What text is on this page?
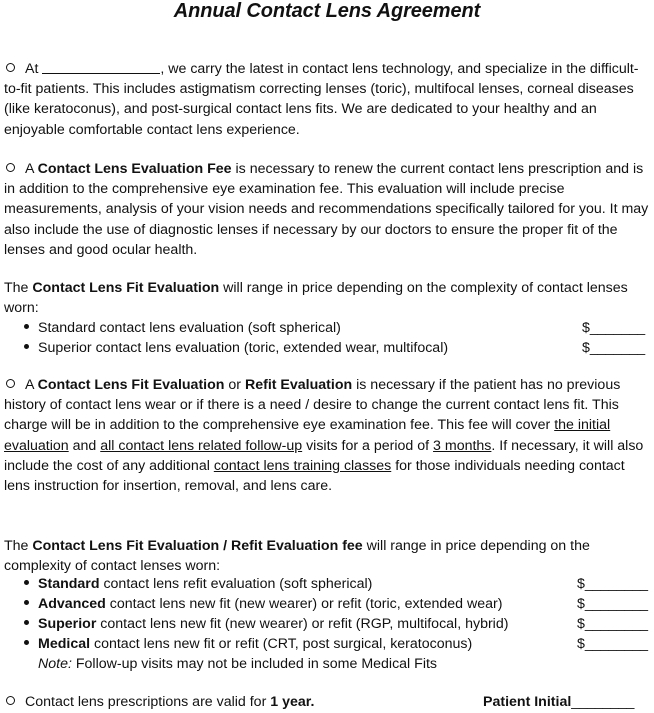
Annual Contact Lens Agreement
At	, we carry the latest in contact lens technology, and specialize in the difficult-to-fit patients. This includes astigmatism correcting lenses (toric), multifocal lenses, corneal diseases (like keratoconus), and post-surgical contact lens fits. We are dedicated to your healthy and an enjoyable comfortable contact lens experience.
A Contact Lens Evaluation Fee is necessary to renew the current contact lens prescription and is in addition to the comprehensive eye examination fee. This evaluation will include precise measurements, analysis of your vision needs and recommendations specifically tailored for you. It may also include the use of diagnostic lenses if necessary by our doctors to ensure the proper fit of the lenses and good ocular health.
The Contact Lens Fit Evaluation will range in price depending on the complexity of contact lenses worn:
Standard contact lens evaluation (soft spherical)	$_______
Superior contact lens evaluation (toric, extended wear, multifocal)	$_______
A Contact Lens Fit Evaluation or Refit Evaluation is necessary if the patient has no previous history of contact lens wear or if there is a need / desire to change the current contact lens fit. This charge will be in addition to the comprehensive eye examination fee. This fee will cover the initial evaluation and all contact lens related follow-up visits for a period of 3 months. If necessary, it will also include the cost of any additional contact lens training classes for those individuals needing contact lens instruction for insertion, removal, and lens care.
The Contact Lens Fit Evaluation / Refit Evaluation fee will range in price depending on the complexity of contact lenses worn:
Standard contact lens refit evaluation (soft spherical)	$________
Advanced contact lens new fit (new wearer) or refit (toric, extended wear)	$________
Superior contact lens new fit (new wearer) or refit (RGP, multifocal, hybrid)	$________
Medical contact lens new fit or refit (CRT, post surgical, keratoconus)	$________
Note: Follow-up visits may not be included in some Medical Fits
Contact lens prescriptions are valid for 1 year.	Patient Initial________
